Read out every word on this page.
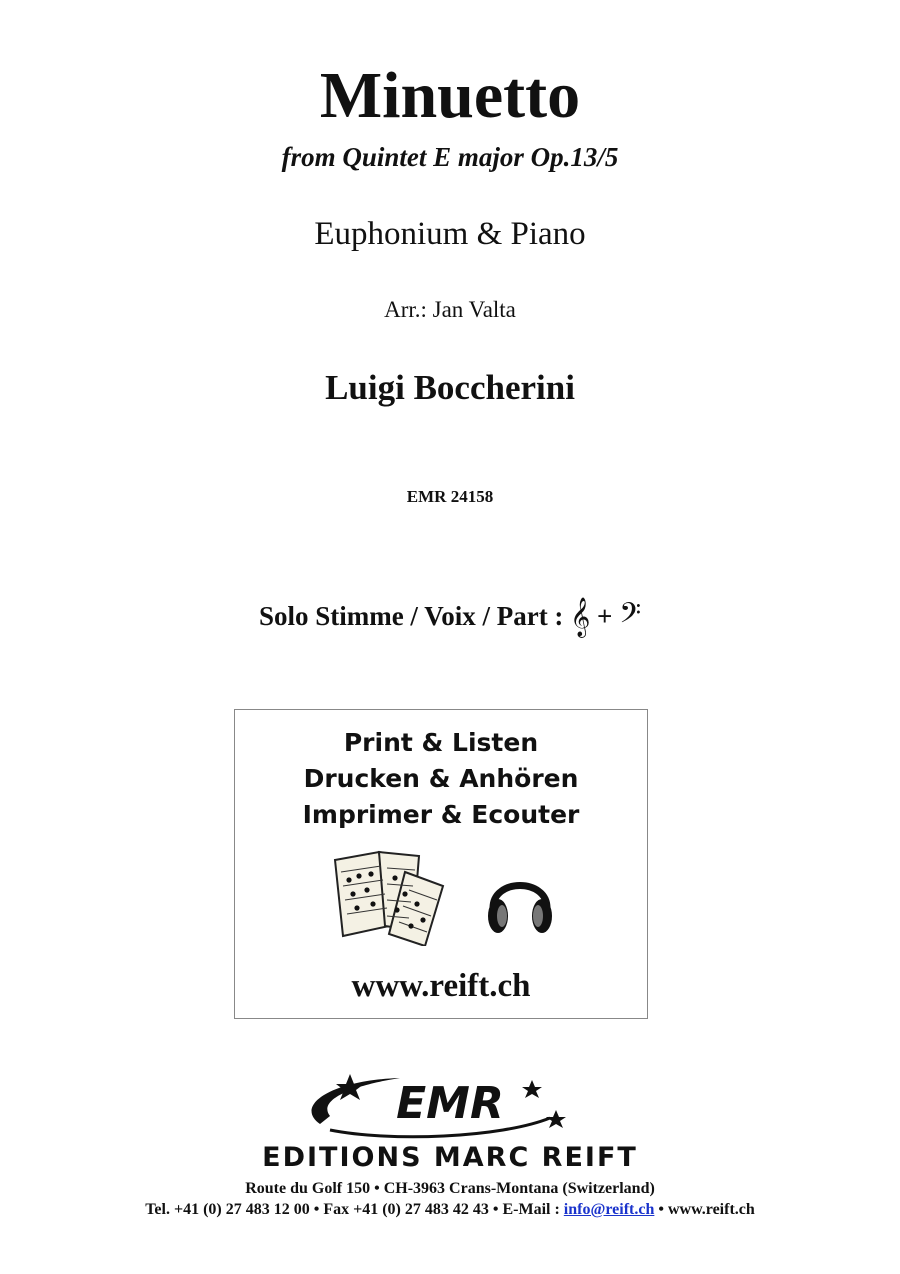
Minuetto
from Quintet E major Op.13/5
Euphonium & Piano
Arr.: Jan Valta
Luigi Boccherini
EMR 24158
Solo Stimme / Voix / Part : 𝄞 + 𝄢
Print & Listen
Drucken & Anhören
Imprimer & Ecouter
www.reift.ch
EMR
EDITIONS MARC REIFT
Route du Golf 150 • CH-3963 Crans-Montana (Switzerland)
Tel. +41 (0) 27 483 12 00 • Fax +41 (0) 27 483 42 43 • E-Mail : info@reift.ch • www.reift.ch
